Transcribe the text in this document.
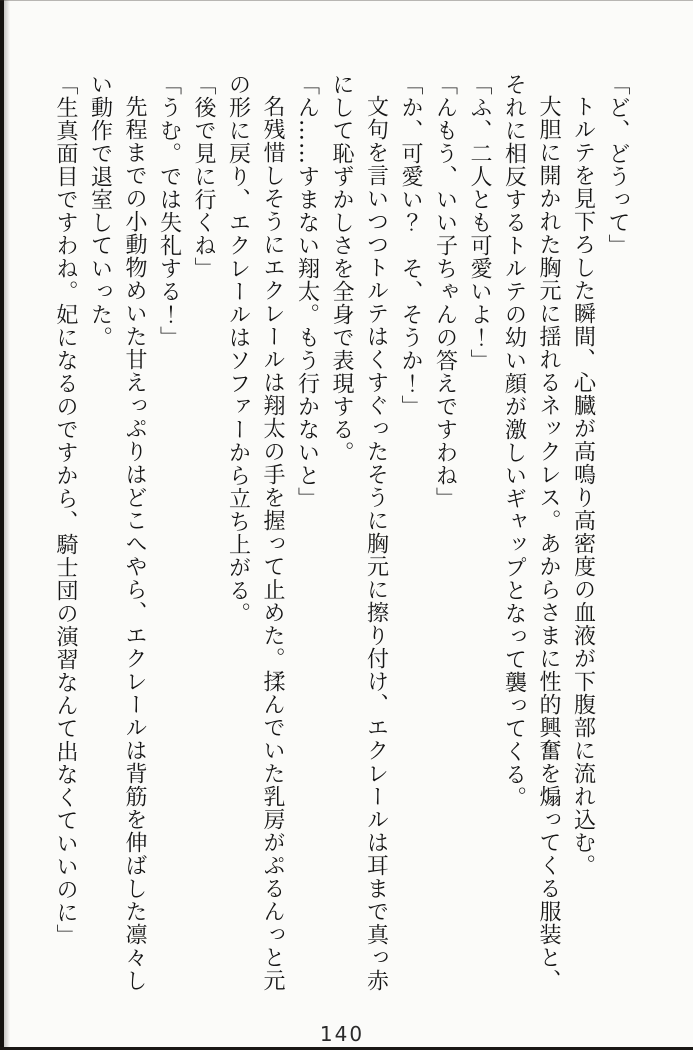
「ど、どうって」

トルテを見下ろした瞬間、心臓が高鳴り高密度の血液が下腹部に流れ込む。

大胆に開かれた胸元に揺れるネックレス。あからさまに性的興奮を煽ってくる服装と、

それに相反するトルテの幼い顔が激しいギャップとなって襲ってくる。

「ふ、二人とも可愛いよ！」

「んもう、いい子ちゃんの答えですわね」

「か、可愛い？　そ、そうか！」

文句を言いつつトルテはくすぐったそうに胸元に擦り付け、エクレールは耳まで真っ赤

にして恥ずかしさを全身で表現する。

「ん……すまない翔太。もう行かないと」

名残惜しそうにエクレールは翔太の手を握って止めた。揉んでいた乳房がぷるんっと元

の形に戻り、エクレールはソファーから立ち上がる。

「後で見に行くね」

「うむ。では失礼する！」

先程までの小動物めいた甘えっぷりはどこへやら、エクレールは背筋を伸ばした凛々し

い動作で退室していった。

「生真面目ですわね。妃になるのですから、騎士団の演習なんて出なくていいのに」

140
